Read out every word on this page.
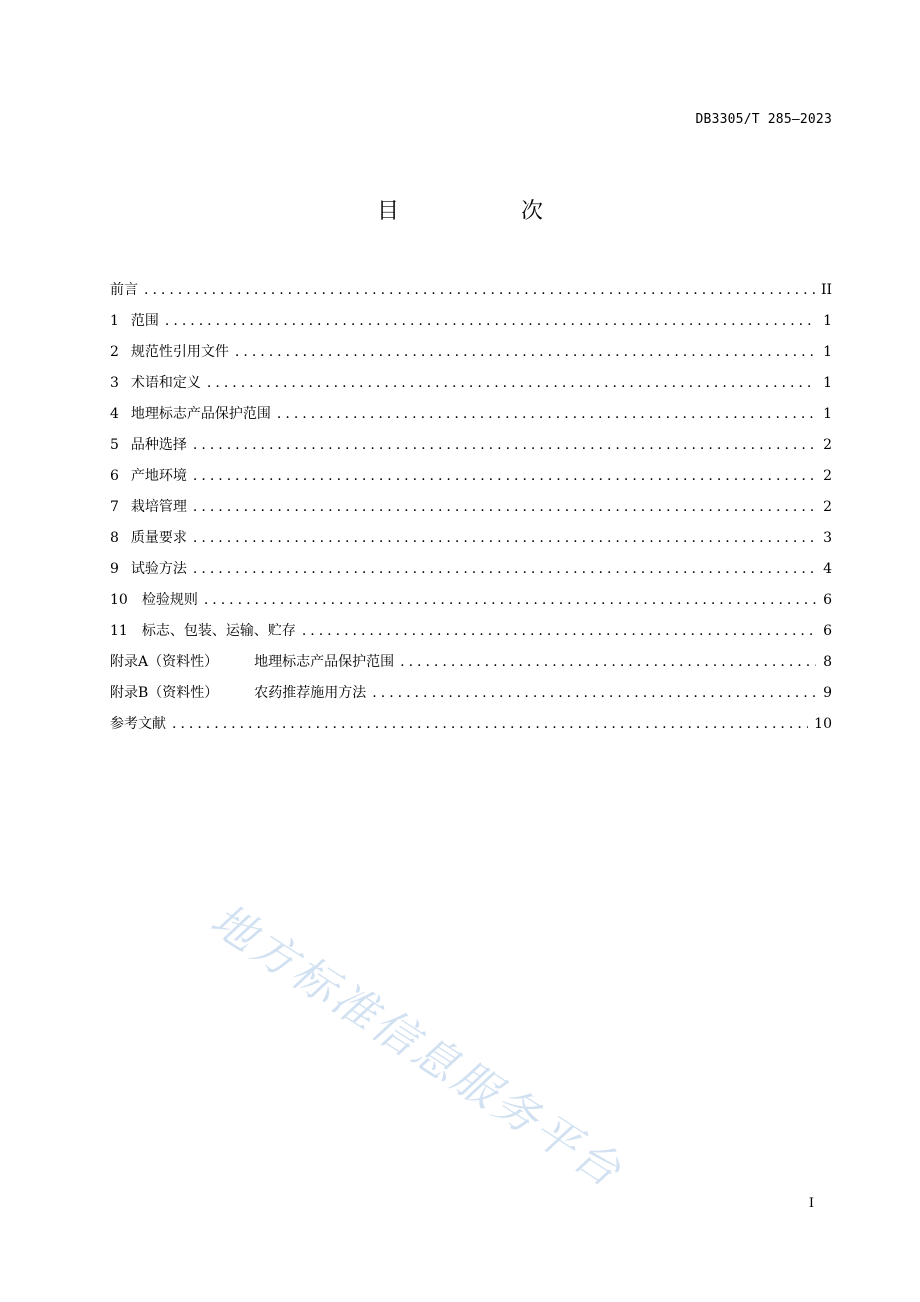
DB3305/T 285—2023
目　次
前言 .....	II
1 范围 .....	1
2 规范性引用文件 .....	1
3 术语和定义 .....	1
4 地理标志产品保护范围 .....	1
5 品种选择 .....	2
6 产地环境 .....	2
7 栽培管理 .....	2
8 质量要求 .....	3
9 试验方法 .....	4
10 检验规则 .....	6
11 标志、包装、运输、贮存 .....	6
附录A（资料性）	地理标志产品保护范围 .....	8
附录B（资料性）	农药推荐施用方法 .....	9
参考文献 .....	10
地方标准信息服务平台
I
